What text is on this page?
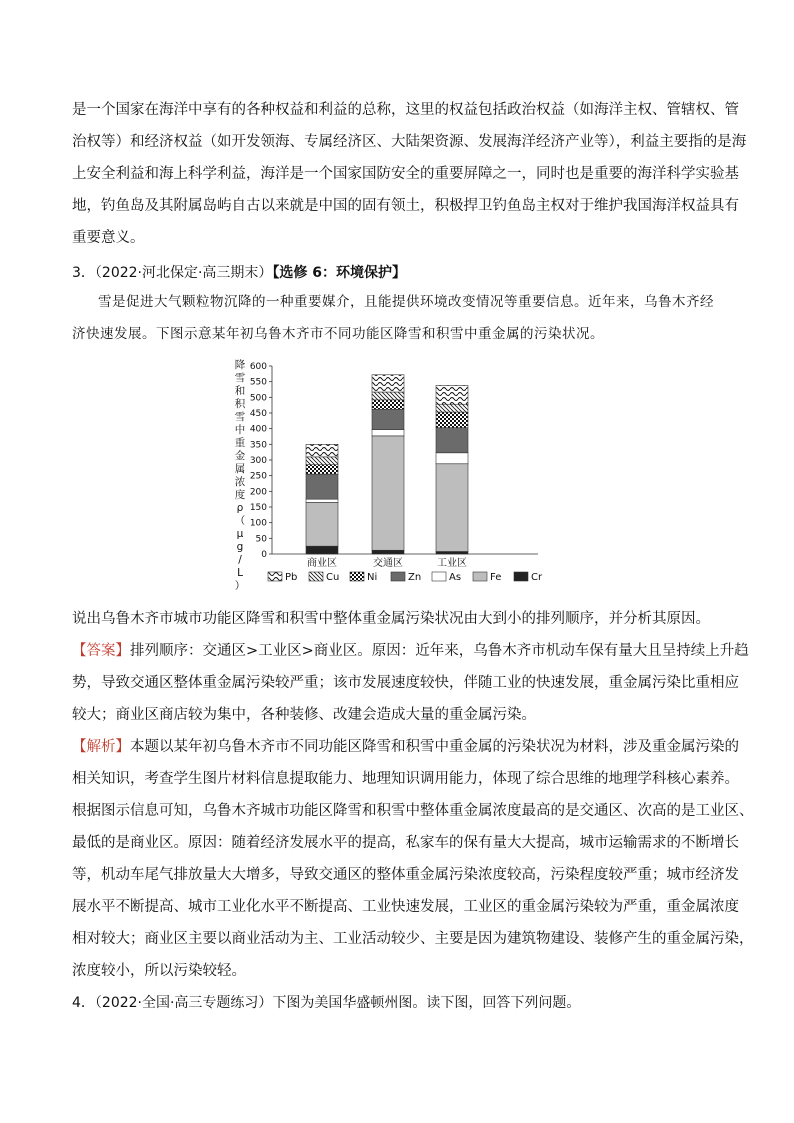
是一个国家在海洋中享有的各种权益和利益的总称，这里的权益包括政治权益（如海洋主权、管辖权、管
治权等）和经济权益（如开发领海、专属经济区、大陆架资源、发展海洋经济产业等），利益主要指的是海
上安全利益和海上科学利益，海洋是一个国家国防安全的重要屏障之一，同时也是重要的海洋科学实验基
地，钓鱼岛及其附属岛屿自古以来就是中国的固有领土，积极捍卫钓鱼岛主权对于维护我国海洋权益具有
重要意义。
3．（2022·河北保定·高三期末）【选修 6：环境保护】
雪是促进大气颗粒物沉降的一种重要媒介，且能提供环境改变情况等重要信息。近年来，乌鲁木齐经
济快速发展。下图示意某年初乌鲁木齐市不同功能区降雪和积雪中重金属的污染状况。
降雪和积雪中重金属浓度 ρ （ μ g / L ）
0
50
100
150
200
250
300
350
400
450
500
550
600
商业区	交通区	工业区
Pb	Cu	Ni	Zn	As	Fe	Cr
说出乌鲁木齐市城市功能区降雪和积雪中整体重金属污染状况由大到小的排列顺序，并分析其原因。
【答案】排列顺序：交通区>工业区>商业区。原因：近年来，乌鲁木齐市机动车保有量大且呈持续上升趋
势，导致交通区整体重金属污染较严重；该市发展速度较快，伴随工业的快速发展，重金属污染比重相应
较大；商业区商店较为集中，各种装修、改建会造成大量的重金属污染。
【解析】本题以某年初乌鲁木齐市不同功能区降雪和积雪中重金属的污染状况为材料，涉及重金属污染的
相关知识，考查学生图片材料信息提取能力、地理知识调用能力，体现了综合思维的地理学科核心素养。
根据图示信息可知，乌鲁木齐城市功能区降雪和积雪中整体重金属浓度最高的是交通区、次高的是工业区、
最低的是商业区。原因：随着经济发展水平的提高，私家车的保有量大大提高，城市运输需求的不断增长
等，机动车尾气排放量大大增多，导致交通区的整体重金属污染浓度较高，污染程度较严重；城市经济发
展水平不断提高、城市工业化水平不断提高、工业快速发展，工业区的重金属污染较为严重，重金属浓度
相对较大；商业区主要以商业活动为主、工业活动较少、主要是因为建筑物建设、装修产生的重金属污染，
浓度较小，所以污染较轻。
4．（2022·全国·高三专题练习）下图为美国华盛顿州图。读下图，回答下列问题。
